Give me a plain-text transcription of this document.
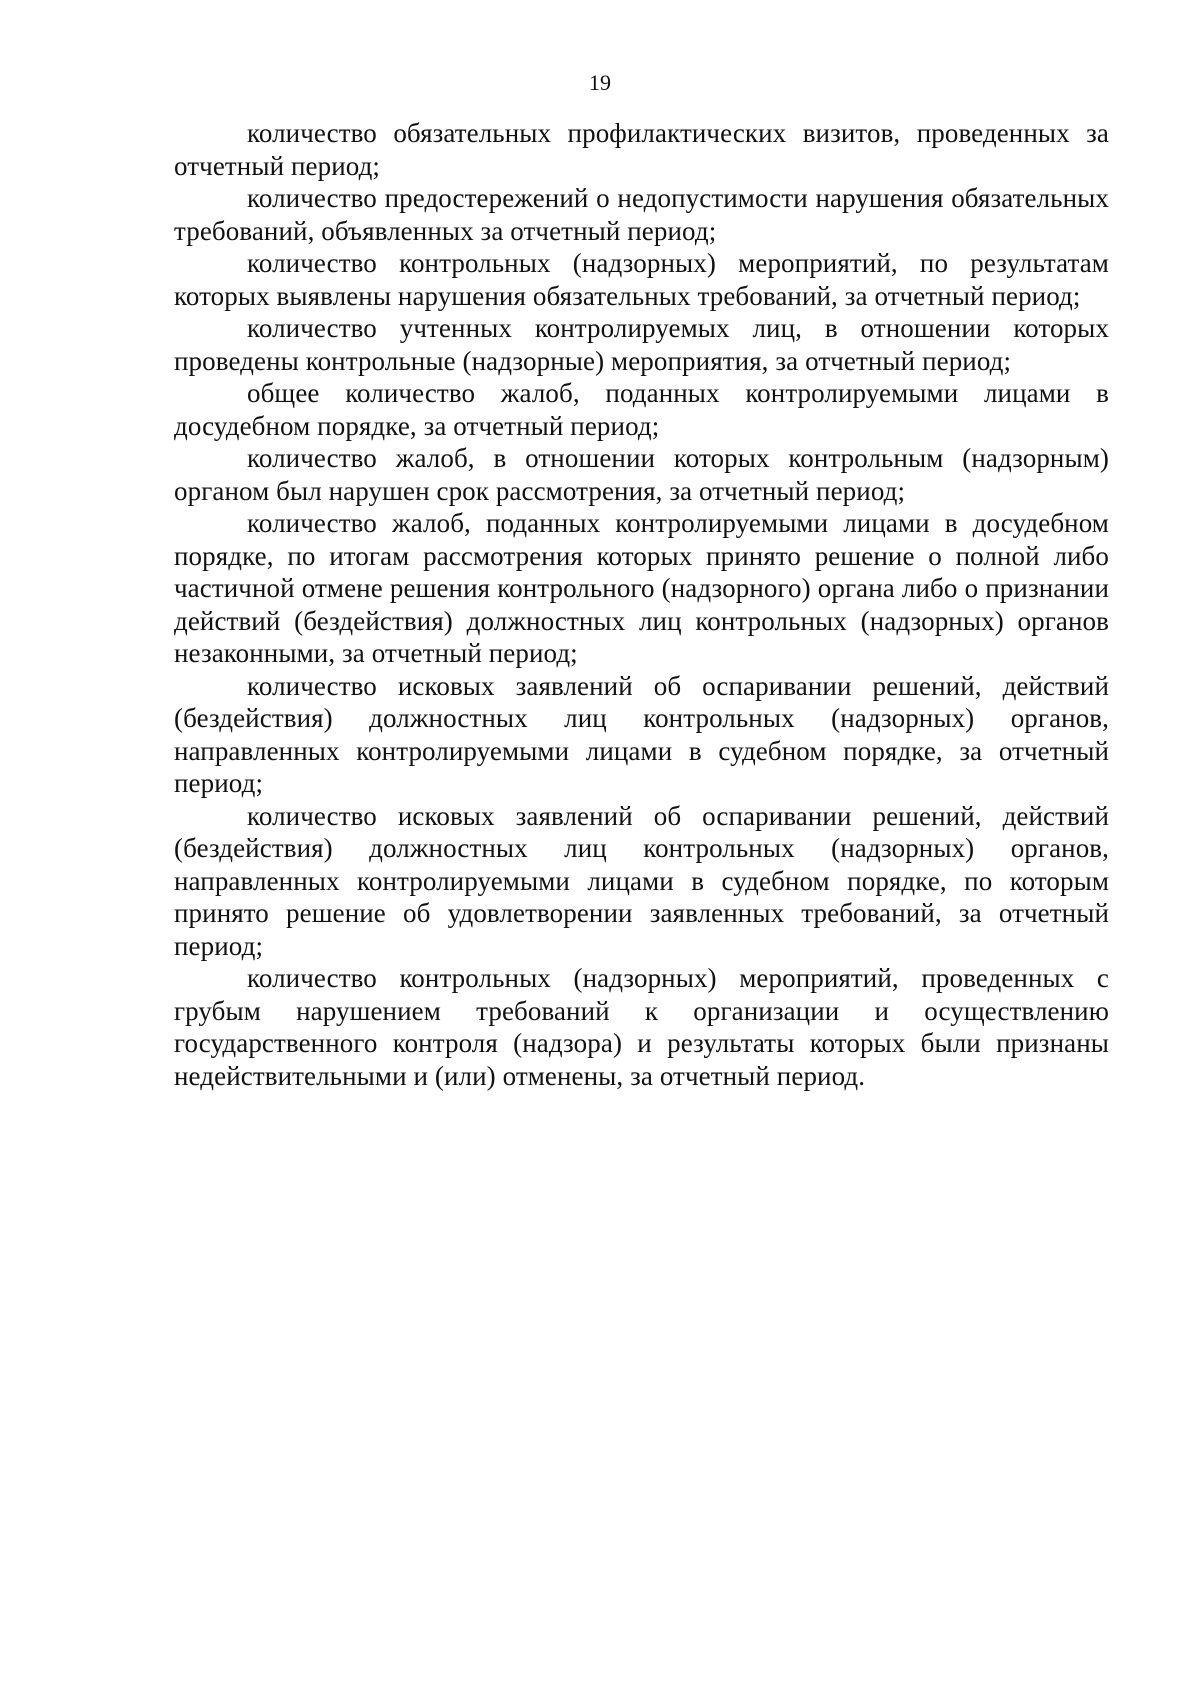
19

количество обязательных профилактических визитов, проведенных за отчетный период;

количество предостережений о недопустимости нарушения обязательных требований, объявленных за отчетный период;

количество контрольных (надзорных) мероприятий, по результатам которых выявлены нарушения обязательных требований, за отчетный период;

количество учтенных контролируемых лиц, в отношении которых проведены контрольные (надзорные) мероприятия, за отчетный период;

общее количество жалоб, поданных контролируемыми лицами в досудебном порядке, за отчетный период;

количество жалоб, в отношении которых контрольным (надзорным) органом был нарушен срок рассмотрения, за отчетный период;

количество жалоб, поданных контролируемыми лицами в досудебном порядке, по итогам рассмотрения которых принято решение о полной либо частичной отмене решения контрольного (надзорного) органа либо о признании действий (бездействия) должностных лиц контрольных (надзорных) органов незаконными, за отчетный период;

количество исковых заявлений об оспаривании решений, действий (бездействия) должностных лиц контрольных (надзорных) органов, направленных контролируемыми лицами в судебном порядке, за отчетный период;

количество исковых заявлений об оспаривании решений, действий (бездействия) должностных лиц контрольных (надзорных) органов, направленных контролируемыми лицами в судебном порядке, по которым принято решение об удовлетворении заявленных требований, за отчетный период;

количество контрольных (надзорных) мероприятий, проведенных с грубым нарушением требований к организации и осуществлению государственного контроля (надзора) и результаты которых были признаны недействительными и (или) отменены, за отчетный период.
